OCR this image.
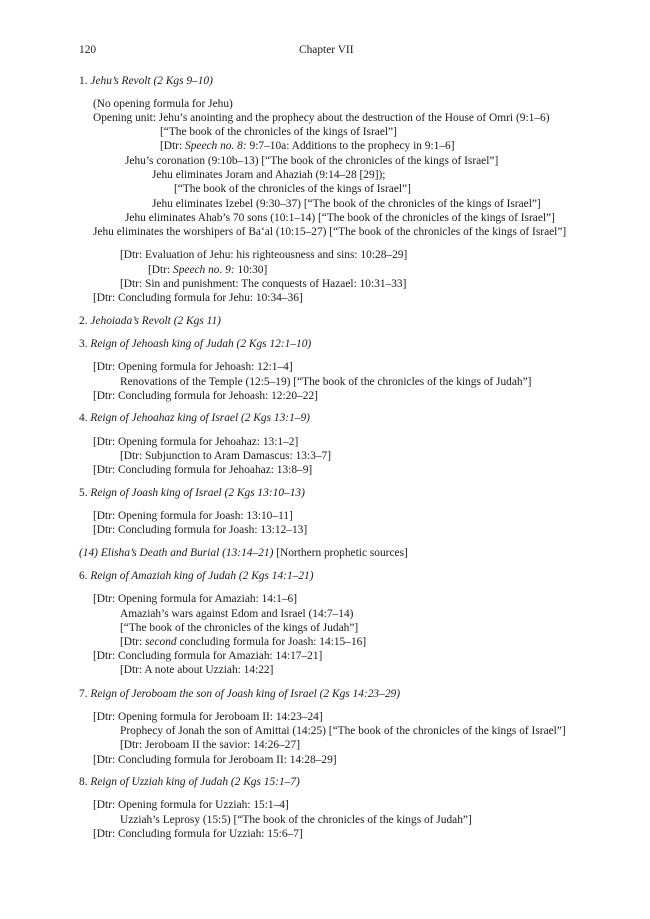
120	Chapter VII
1. Jehu’s Revolt (2 Kgs 9–10)
(No opening formula for Jehu)
Opening unit: Jehu’s anointing and the prophecy about the destruction of the House of Omri (9:1–6)
[“The book of the chronicles of the kings of Israel”]
[Dtr: Speech no. 8: 9:7–10a: Additions to the prophecy in 9:1–6]
Jehu’s coronation (9:10b–13) [“The book of the chronicles of the kings of Israel”]
Jehu eliminates Joram and Ahaziah (9:14–28 [29]);
[“The book of the chronicles of the kings of Israel”]
Jehu eliminates Izebel (9:30–37) [“The book of the chronicles of the kings of Israel”]
Jehu eliminates Ahab’s 70 sons (10:1–14) [“The book of the chronicles of the kings of Israel”]
Jehu eliminates the worshipers of Ba‘al (10:15–27) [“The book of the chronicles of the kings of Israel”]
[Dtr: Evaluation of Jehu: his righteousness and sins: 10:28–29]
[Dtr: Speech no. 9: 10:30]
[Dtr: Sin and punishment: The conquests of Hazael: 10:31–33]
[Dtr: Concluding formula for Jehu: 10:34–36]
2. Jehoiada’s Revolt (2 Kgs 11)
3. Reign of Jehoash king of Judah (2 Kgs 12:1–10)
[Dtr: Opening formula for Jehoash: 12:1–4]
Renovations of the Temple (12:5–19) [“The book of the chronicles of the kings of Judah”]
[Dtr: Concluding formula for Jehoash: 12:20–22]
4. Reign of Jehoahaz king of Israel (2 Kgs 13:1–9)
[Dtr: Opening formula for Jehoahaz: 13:1–2]
[Dtr: Subjunction to Aram Damascus: 13:3–7]
[Dtr: Concluding formula for Jehoahaz: 13:8–9]
5. Reign of Joash king of Israel (2 Kgs 13:10–13)
[Dtr: Opening formula for Joash: 13:10–11]
[Dtr: Concluding formula for Joash: 13:12–13]
(14) Elisha’s Death and Burial (13:14–21) [Northern prophetic sources]
6. Reign of Amaziah king of Judah (2 Kgs 14:1–21)
[Dtr: Opening formula for Amaziah: 14:1–6]
Amaziah’s wars against Edom and Israel (14:7–14)
[“The book of the chronicles of the kings of Judah”]
[Dtr: second concluding formula for Joash: 14:15–16]
[Dtr: Concluding formula for Amaziah: 14:17–21]
[Dtr: A note about Uzziah: 14:22]
7. Reign of Jeroboam the son of Joash king of Israel (2 Kgs 14:23–29)
[Dtr: Opening formula for Jeroboam II: 14:23–24]
Prophecy of Jonah the son of Amittai (14:25) [“The book of the chronicles of the kings of Israel”]
[Dtr: Jeroboam II the savior: 14:26–27]
[Dtr: Concluding formula for Jeroboam II: 14:28–29]
8. Reign of Uzziah king of Judah (2 Kgs 15:1–7)
[Dtr: Opening formula for Uzziah: 15:1–4]
Uzziah’s Leprosy (15:5) [“The book of the chronicles of the kings of Judah”]
[Dtr: Concluding formula for Uzziah: 15:6–7]
